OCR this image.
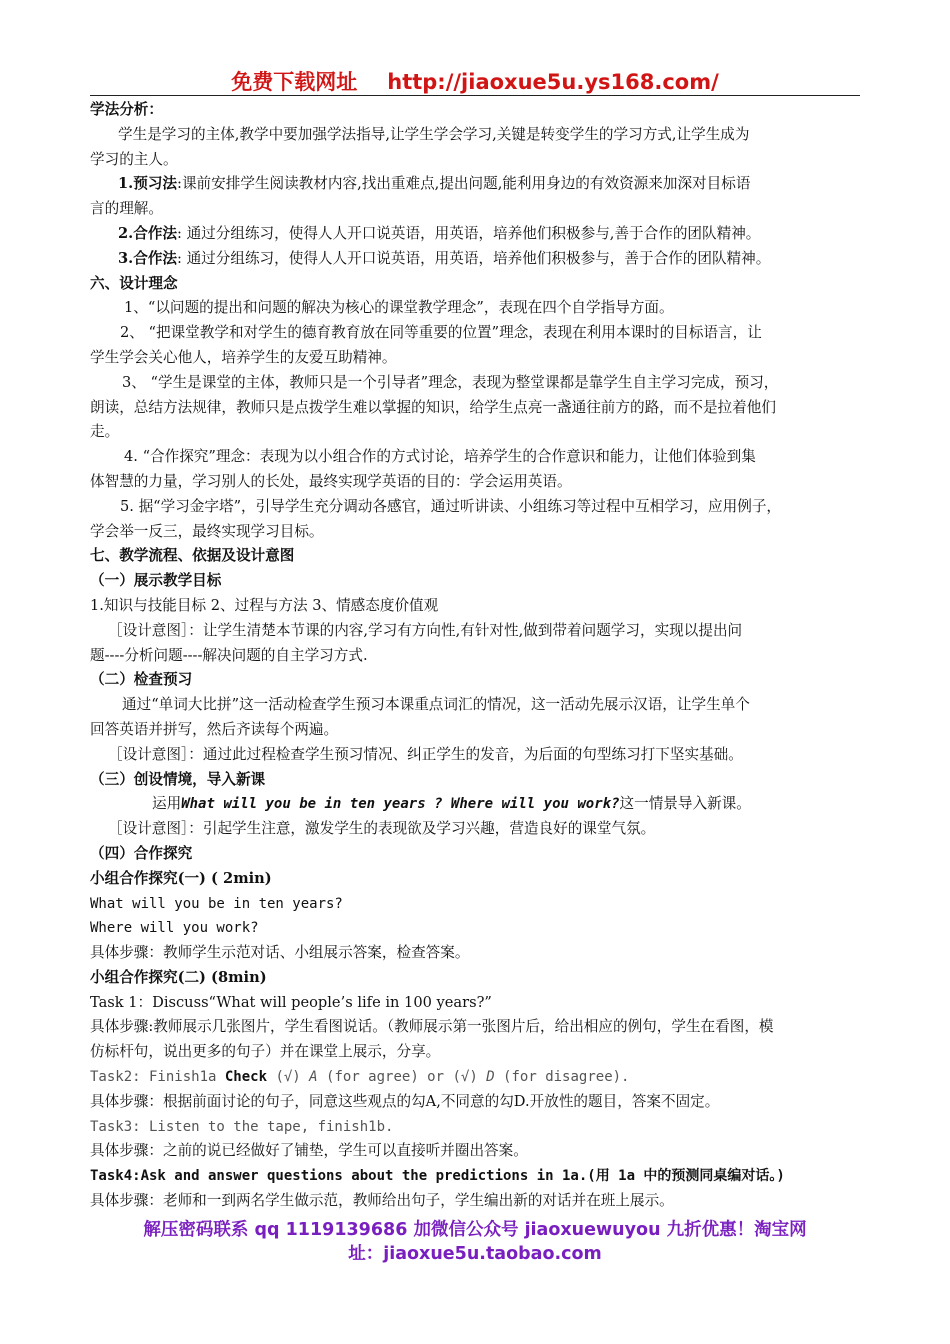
免费下载网址 http://jiaoxue5u.ys168.com/
学法分析：
学生是学习的主体,教学中要加强学法指导,让学生学会学习,关键是转变学生的学习方式,让学生成为
学习的主人。
1.预习法:课前安排学生阅读教材内容,找出重难点,提出问题,能利用身边的有效资源来加深对目标语
言的理解。
2.合作法: 通过分组练习，使得人人开口说英语，用英语，培养他们积极参与,善于合作的团队精神。
3.合作法: 通过分组练习，使得人人开口说英语，用英语，培养他们积极参与，善于合作的团队精神。
六、设计理念
1、“以问题的提出和问题的解决为核心的课堂教学理念”，表现在四个自学指导方面。
2、 “把课堂教学和对学生的德育教育放在同等重要的位置”理念，表现在利用本课时的目标语言，让
学生学会关心他人，培养学生的友爱互助精神。
3、 “学生是课堂的主体，教师只是一个引导者”理念，表现为整堂课都是靠学生自主学习完成，预习，
朗读，总结方法规律，教师只是点拨学生难以掌握的知识，给学生点亮一盏通往前方的路，而不是拉着他们
走。
4. “合作探究”理念：表现为以小组合作的方式讨论，培养学生的合作意识和能力，让他们体验到集
体智慧的力量，学习别人的长处，最终实现学英语的目的：学会运用英语。
5. 据“学习金字塔”，引导学生充分调动各感官，通过听讲读、小组练习等过程中互相学习，应用例子，
学会举一反三，最终实现学习目标。
七、教学流程、依据及设计意图
（一）展示教学目标
1.知识与技能目标 2、过程与方法 3、情感态度价值观
［设计意图］：让学生清楚本节课的内容,学习有方向性,有针对性,做到带着问题学习，实现以提出问
题----分析问题----解决问题的自主学习方式.
（二）检查预习
通过“单词大比拼”这一活动检查学生预习本课重点词汇的情况，这一活动先展示汉语，让学生单个
回答英语并拼写，然后齐读每个两遍。
［设计意图］：通过此过程检查学生预习情况、纠正学生的发音，为后面的句型练习打下坚实基础。
（三）创设情境，导入新课
运用What will you be in ten years ? Where will you work?这一情景导入新课。
［设计意图］：引起学生注意，激发学生的表现欲及学习兴趣，营造良好的课堂气氛。
（四）合作探究
小组合作探究(一) ( 2min)
What will you be in ten years?
Where will you work?
具体步骤：教师学生示范对话、小组展示答案，检查答案。
小组合作探究(二) (8min)
Task 1：Discuss“What will people’s life in 100 years?”
具体步骤:教师展示几张图片，学生看图说话。（教师展示第一张图片后，给出相应的例句，学生在看图，模
仿标杆句，说出更多的句子）并在课堂上展示，分享。
Task2: Finish1a Check (√) A (for agree) or (√) D (for disagree).
具体步骤：根据前面讨论的句子，同意这些观点的勾A,不同意的勾D.开放性的题目，答案不固定。
Task3: Listen to the tape, finish1b.
具体步骤：之前的说已经做好了铺垫，学生可以直接听并圈出答案。
Task4:Ask and answer questions about the predictions in 1a.(用 1a 中的预测同桌编对话。)
具体步骤：老师和一到两名学生做示范，教师给出句子，学生编出新的对话并在班上展示。
解压密码联系 qq 1119139686 加微信公众号 jiaoxuewuyou 九折优惠！淘宝网
址：jiaoxue5u.taobao.com
